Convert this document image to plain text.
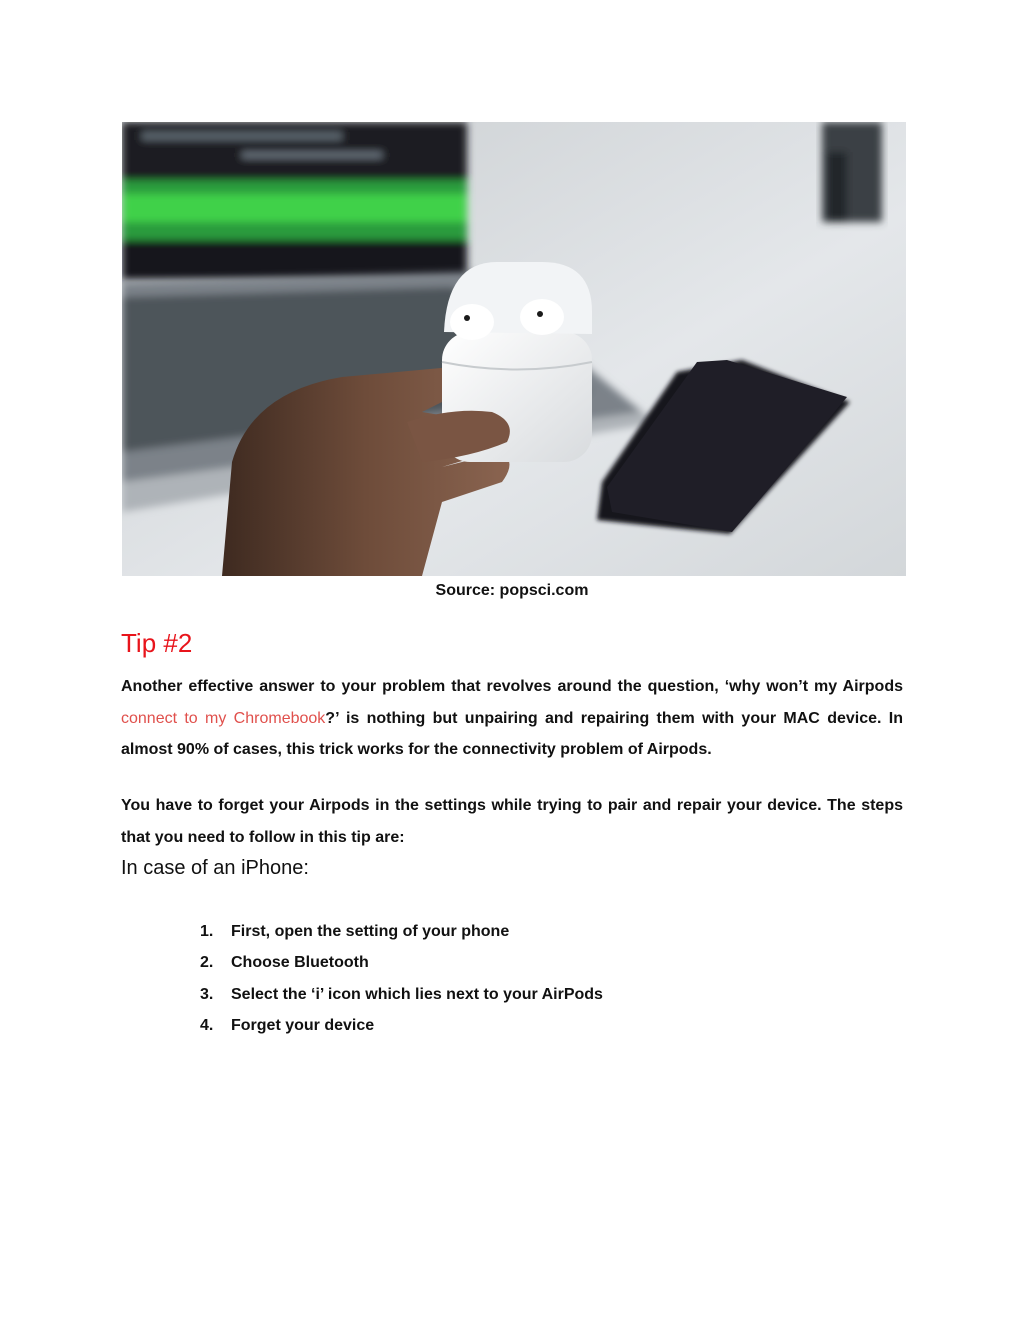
Source: popsci.com
Tip #2

Another effective answer to your problem that revolves around the question, ‘why won’t my Airpods connect to my Chromebook?’ is nothing but unpairing and repairing them with your MAC device. In almost 90% of cases, this trick works for the connectivity problem of Airpods.

You have to forget your Airpods in the settings while trying to pair and repair your device. The steps that you need to follow in this tip are:

In case of an iPhone:
1.	First, open the setting of your phone
2.	Choose Bluetooth
3.	Select the ‘i’ icon which lies next to your AirPods
4.	Forget your device
